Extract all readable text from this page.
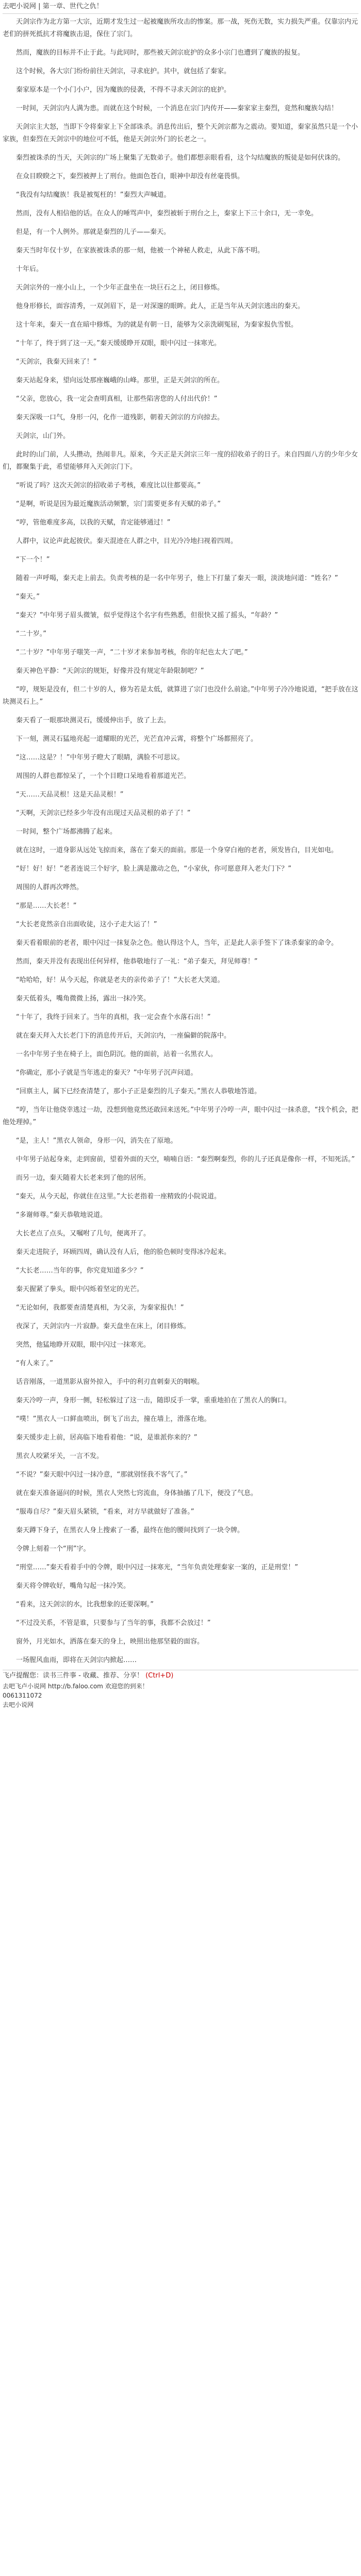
去吧小说网 | 第一章、世代之仇！

天剑宗作为北方第一大宗，近期才发生过一起被魔族所攻击的惨案。那一战，死伤无数，实力损失严重。仅靠宗内元老们的拼死抵抗才将魔族击退，保住了宗门。

然而，魔族的目标并不止于此。与此同时，那些被天剑宗庇护的众多小宗门也遭到了魔族的报复。

这个时候，各大宗门纷纷前往天剑宗，寻求庇护。其中，就包括了秦家。

秦家原本是一个小门小户，因为魔族的侵袭，不得不寻求天剑宗的庇护。

一时间，天剑宗内人满为患。而就在这个时候，一个消息在宗门内传开——秦家家主秦烈，竟然和魔族勾结！

天剑宗主大怒，当即下令将秦家上下全部诛杀。消息传出后，整个天剑宗都为之震动。要知道，秦家虽然只是一个小家族，但秦烈在天剑宗中的地位可不低，他是天剑宗外门的长老之一。

秦烈被诛杀的当天，天剑宗的广场上聚集了无数弟子。他们都想亲眼看看，这个勾结魔族的叛徒是如何伏诛的。

在众目睽睽之下，秦烈被押上了刑台。他面色苍白，眼神中却没有丝毫畏惧。

“我没有勾结魔族！我是被冤枉的！”秦烈大声喊道。

然而，没有人相信他的话。在众人的唾骂声中，秦烈被斩于刑台之上，秦家上下三十余口，无一幸免。

但是，有一个人例外。那就是秦烈的儿子——秦天。

秦天当时年仅十岁，在家族被诛杀的那一刻，他被一个神秘人救走，从此下落不明。

十年后。

天剑宗外的一座小山上，一个少年正盘坐在一块巨石之上，闭目修炼。

他身形修长，面容清秀，一双剑眉下，是一对深邃的眼眸。此人，正是当年从天剑宗逃出的秦天。

这十年来，秦天一直在暗中修炼，为的就是有朝一日，能够为父亲洗刷冤屈，为秦家报仇雪恨。

“十年了，终于到了这一天。”秦天缓缓睁开双眼，眼中闪过一抹寒光。

“天剑宗，我秦天回来了！”

秦天站起身来，望向远处那座巍峨的山峰。那里，正是天剑宗的所在。

“父亲，您放心，我一定会查明真相，让那些陷害您的人付出代价！”

秦天深吸一口气，身形一闪，化作一道残影，朝着天剑宗的方向掠去。

天剑宗，山门外。

此时的山门前，人头攒动，热闹非凡。原来，今天正是天剑宗三年一度的招收弟子的日子。来自四面八方的少年少女们，都聚集于此，希望能够拜入天剑宗门下。

“听说了吗？这次天剑宗的招收弟子考核，难度比以往都要高。”

“是啊，听说是因为最近魔族活动频繁，宗门需要更多有天赋的弟子。”

“哼，管他难度多高，以我的天赋，肯定能够通过！”

人群中，议论声此起彼伏。秦天混迹在人群之中，目光冷冷地扫视着四周。

“下一个！”

随着一声呼喝，秦天走上前去。负责考核的是一名中年男子，他上下打量了秦天一眼，淡淡地问道：“姓名？”

“秦天。”

“秦天？”中年男子眉头微皱，似乎觉得这个名字有些熟悉，但很快又摇了摇头，“年龄？”

“二十岁。”

“二十岁？”中年男子嗤笑一声，“二十岁才来参加考核，你的年纪也太大了吧。”

秦天神色平静：“天剑宗的规矩，好像并没有规定年龄限制吧？”

“哼，规矩是没有，但二十岁的人，修为若是太低，就算进了宗门也没什么前途。”中年男子冷冷地说道，“把手放在这块测灵石上。”

秦天看了一眼那块测灵石，缓缓伸出手，放了上去。

下一刻，测灵石猛地亮起一道耀眼的光芒，光芒直冲云霄，将整个广场都照亮了。

“这……这是？！”中年男子瞪大了眼睛，满脸不可思议。

周围的人群也都惊呆了，一个个目瞪口呆地看着那道光芒。

“天……天品灵根！这是天品灵根！”

“天啊，天剑宗已经多少年没有出现过天品灵根的弟子了！”

一时间，整个广场都沸腾了起来。

就在这时，一道身影从远处飞掠而来，落在了秦天的面前。那是一个身穿白袍的老者，须发皆白，目光如电。

“好！好！好！”老者连说三个好字，脸上满是激动之色，“小家伙，你可愿意拜入老夫门下？”

周围的人群再次哗然。

“那是……大长老！”

“大长老竟然亲自出面收徒，这小子走大运了！”

秦天看着眼前的老者，眼中闪过一抹复杂之色。他认得这个人，当年，正是此人亲手签下了诛杀秦家的命令。

然而，秦天并没有表现出任何异样，他恭敬地行了一礼：“弟子秦天，拜见师尊！”

“哈哈哈，好！从今天起，你就是老夫的亲传弟子了！”大长老大笑道。

秦天低着头，嘴角微微上扬，露出一抹冷笑。

“十年了，我终于回来了。当年的真相，我一定会查个水落石出！”

就在秦天拜入大长老门下的消息传开后，天剑宗内，一座偏僻的院落中。

一名中年男子坐在椅子上，面色阴沉。他的面前，站着一名黑衣人。

“你确定，那小子就是当年逃走的秦天？”中年男子沉声问道。

“回禀主人，属下已经查清楚了，那小子正是秦烈的儿子秦天。”黑衣人恭敬地答道。

“哼，当年让他侥幸逃过一劫，没想到他竟然还敢回来送死。”中年男子冷哼一声，眼中闪过一抹杀意，“找个机会，把他处理掉。”

“是，主人！”黑衣人领命，身形一闪，消失在了原地。

中年男子站起身来，走到窗前，望着外面的天空，喃喃自语：“秦烈啊秦烈，你的儿子还真是像你一样，不知死活。”

而另一边，秦天随着大长老来到了他的居所。

“秦天，从今天起，你就住在这里。”大长老指着一座精致的小院说道。

“多谢师尊。”秦天恭敬地说道。

大长老点了点头，又嘱咐了几句，便离开了。

秦天走进院子，环顾四周，确认没有人后，他的脸色顿时变得冰冷起来。

“大长老……当年的事，你究竟知道多少？”

秦天握紧了拳头，眼中闪烁着坚定的光芒。

“无论如何，我都要查清楚真相，为父亲，为秦家报仇！”

夜深了，天剑宗内一片寂静。秦天盘坐在床上，闭目修炼。

突然，他猛地睁开双眼，眼中闪过一抹寒光。

“有人来了。”

话音刚落，一道黑影从窗外掠入，手中的利刃直刺秦天的咽喉。

秦天冷哼一声，身形一侧，轻松躲过了这一击，随即反手一掌，重重地拍在了黑衣人的胸口。

“噗！”黑衣人一口鲜血喷出，倒飞了出去，撞在墙上，滑落在地。

秦天缓步走上前，居高临下地看着他：“说，是谁派你来的？”

黑衣人咬紧牙关，一言不发。

“不说？”秦天眼中闪过一抹冷意，“那就别怪我不客气了。”

就在秦天准备逼问的时候，黑衣人突然七窍流血，身体抽搐了几下，便没了气息。

“服毒自尽？”秦天眉头紧锁，“看来，对方早就做好了准备。”

秦天蹲下身子，在黑衣人身上搜索了一番，最终在他的腰间找到了一块令牌。

令牌上刻着一个“刑”字。

“刑堂……”秦天看着手中的令牌，眼中闪过一抹寒光，“当年负责处理秦家一案的，正是刑堂！”

秦天将令牌收好，嘴角勾起一抹冷笑。

“看来，这天剑宗的水，比我想象的还要深啊。”

“不过没关系，不管是谁，只要参与了当年的事，我都不会放过！”

窗外，月光如水，洒落在秦天的身上，映照出他那坚毅的面容。

一场腥风血雨，即将在天剑宗内掀起……

飞卢提醒您：读书三件事 - 收藏、推荐、分享！ (Ctrl+D)
去吧飞卢小说网 http://b.faloo.com 欢迎您的到来！
0061311072
去吧小说网
